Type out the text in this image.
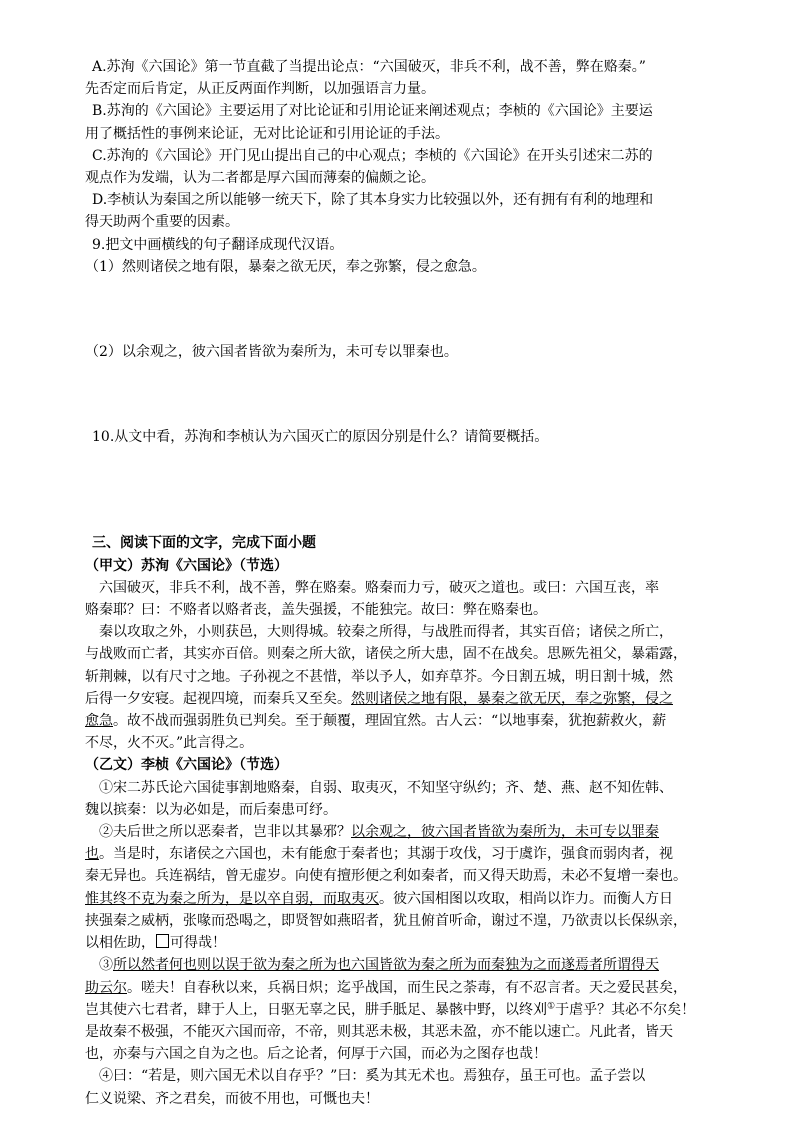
A.苏洵《六国论》第一节直截了当提出论点：“六国破灭，非兵不利，战不善，弊在赂秦。”

先否定而后肯定，从正反两面作判断，以加强语言力量。

B.苏洵的《六国论》主要运用了对比论证和引用论证来阐述观点；李桢的《六国论》主要运

用了概括性的事例来论证，无对比论证和引用论证的手法。

C.苏洵的《六国论》开门见山提出自己的中心观点；李桢的《六国论》在开头引述宋二苏的

观点作为发端，认为二者都是厚六国而薄秦的偏颇之论。

D.李桢认为秦国之所以能够一统天下，除了其本身实力比较强以外，还有拥有有利的地理和

得天助两个重要的因素。

9.把文中画横线的句子翻译成现代汉语。

（1）然则诸侯之地有限，暴秦之欲无厌，奉之弥繁，侵之愈急。

（2）以余观之，彼六国者皆欲为秦所为，未可专以罪秦也。

10.从文中看，苏洵和李桢认为六国灭亡的原因分别是什么？请简要概括。

三、阅读下面的文字，完成下面小题

（甲文）苏洵《六国论》（节选）

六国破灭，非兵不利，战不善，弊在赂秦。赂秦而力亏，破灭之道也。或曰：六国互丧，率

赂秦耶？曰：不赂者以赂者丧，盖失强援，不能独完。故曰：弊在赂秦也。

秦以攻取之外，小则获邑，大则得城。较秦之所得，与战胜而得者，其实百倍；诸侯之所亡，

与战败而亡者，其实亦百倍。则秦之所大欲，诸侯之所大患，固不在战矣。思厥先祖父，暴霜露，

斩荆棘，以有尺寸之地。子孙视之不甚惜，举以予人，如弃草芥。今日割五城，明日割十城，然

后得一夕安寝。起视四境，而秦兵又至矣。然则诸侯之地有限，暴秦之欲无厌，奉之弥繁，侵之

愈急。故不战而强弱胜负已判矣。至于颠覆，理固宜然。古人云：“以地事秦，犹抱薪救火，薪

不尽，火不灭。”此言得之。

（乙文）李桢《六国论》（节选）

①宋二苏氏论六国徒事割地赂秦，自弱、取夷灭，不知坚守纵约；齐、楚、燕、赵不知佐韩、

魏以摈秦：以为必如是，而后秦患可纾。

②夫后世之所以恶秦者，岂非以其暴邪？以余观之，彼六国者皆欲为秦所为，未可专以罪秦

也。当是时，东诸侯之六国也，未有能愈于秦者也；其溺于攻伐，习于虞诈，强食而弱肉者，视

秦无异也。兵连祸结，曾无虚岁。向使有擅形便之利如秦者，而又得天助焉，未必不复增一秦也。

惟其终不克为秦之所为，是以卒自弱，而取夷灭。彼六国相图以攻取，相尚以诈力。而衡人方日

挟强秦之威柄，张喙而恐喝之，即贤智如燕昭者，犹且俯首听命，谢过不遑，乃欲责以长保纵亲，

以相佐助， 可得哉！

③所以然者何也则以误于欲为秦之所为也六国皆欲为秦之所为而秦独为之而遂焉者所谓得天

助云尔。嗟夫！自春秋以来，兵祸日炽；迄乎战国，而生民之荼毒，有不忍言者。天之爱民甚矣，

岂其使六七君者，肆于人上，日驱无辜之民，肼手胝足、暴骸中野，以终刈①于虐乎？其必不尔矣！

是故秦不极强，不能灭六国而帝，不帝，则其恶未极，其恶未盈，亦不能以速亡。凡此者，皆天

也，亦秦与六国之自为之也。后之论者，何厚于六国，而必为之图存也哉！

④曰：“若是，则六国无术以自存乎？”曰：奚为其无术也。焉独存，虽王可也。孟子尝以

仁义说梁、齐之君矣，而彼不用也，可慨也夫！
